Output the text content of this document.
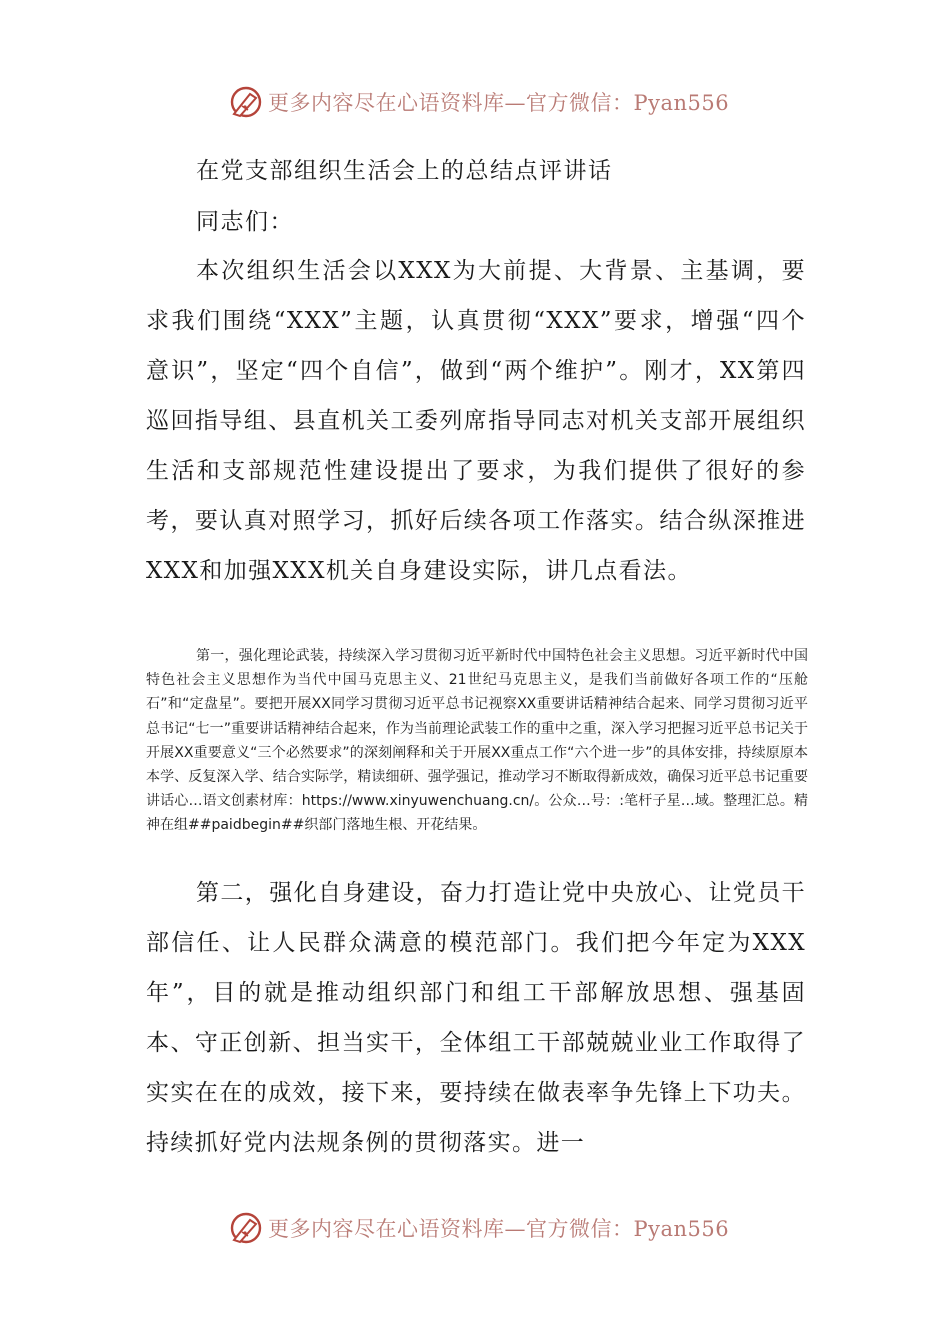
更多内容尽在心语资料库—官方微信：Pyan556
在党支部组织生活会上的总结点评讲话
同志们：

本次组织生活会以XXX为大前提、大背景、主基调，要求我们围绕“XXX”主题，认真贯彻“XXX”要求，增强“四个意识”，坚定“四个自信”，做到“两个维护”。刚才，XX第四巡回指导组、县直机关工委列席指导同志对机关支部开展组织生活和支部规范性建设提出了要求，为我们提供了很好的参考，要认真对照学习，抓好后续各项工作落实。结合纵深推进XXX和加强XXX机关自身建设实际，讲几点看法。

第一，强化理论武装，持续深入学习贯彻习近平新时代中国特色社会主义思想。习近平新时代中国特色社会主义思想作为当代中国马克思主义、21世纪马克思主义，是我们当前做好各项工作的“压舱石”和“定盘星”。要把开展XX同学习贯彻习近平总书记视察XX重要讲话精神结合起来、同学习贯彻习近平总书记“七一”重要讲话精神结合起来，作为当前理论武装工作的重中之重，深入学习把握习近平总书记关于开展XX重要意义“三个必然要求”的深刻阐释和关于开展XX重点工作“六个进一步”的具体安排，持续原原本本学、反复深入学、结合实际学，精读细研、强学强记，推动学习不断取得新成效，确保习近平总书记重要讲话心…语文创素材库：https://www.xinyuwenchuang.cn/。公众…号：:笔杆子星…域。整理汇总。精神在组##paidbegin##织部门落地生根、开花结果。

第二，强化自身建设，奋力打造让党中央放心、让党员干部信任、让人民群众满意的模范部门。我们把今年定为XXX年”，目的就是推动组织部门和组工干部解放思想、强基固本、守正创新、担当实干，全体组工干部兢兢业业工作取得了实实在在的成效，接下来，要持续在做表率争先锋上下功夫。持续抓好党内法规条例的贯彻落实。进一

更多内容尽在心语资料库—官方微信：Pyan556
